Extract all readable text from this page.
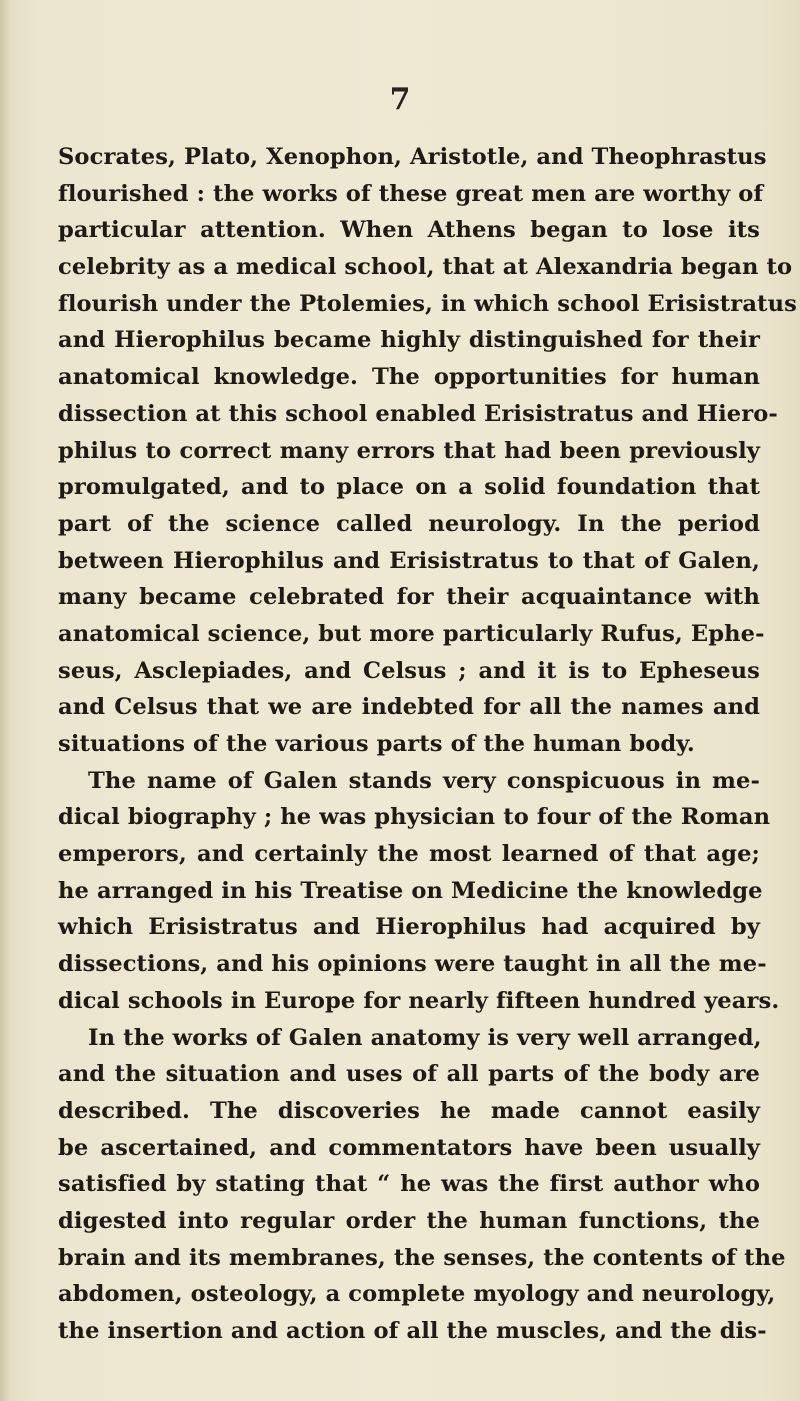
7
Socrates, Plato, Xenophon, Aristotle, and Theophrastus
flourished : the works of these great men are worthy of
particular attention. When Athens began to lose its
celebrity as a medical school, that at Alexandria began to
flourish under the Ptolemies, in which school Erisistratus
and Hierophilus became highly distinguished for their
anatomical knowledge. The opportunities for human
dissection at this school enabled Erisistratus and Hiero-
philus to correct many errors that had been previously
promulgated, and to place on a solid foundation that
part of the science called neurology. In the period
between Hierophilus and Erisistratus to that of Galen,
many became celebrated for their acquaintance with
anatomical science, but more particularly Rufus, Ephe-
seus, Asclepiades, and Celsus ; and it is to Epheseus
and Celsus that we are indebted for all the names and
situations of the various parts of the human body.
The name of Galen stands very conspicuous in me-
dical biography ; he was physician to four of the Roman
emperors, and certainly the most learned of that age;
he arranged in his Treatise on Medicine the knowledge
which Erisistratus and Hierophilus had acquired by
dissections, and his opinions were taught in all the me-
dical schools in Europe for nearly fifteen hundred years.
In the works of Galen anatomy is very well arranged,
and the situation and uses of all parts of the body are
described. The discoveries he made cannot easily
be ascertained, and commentators have been usually
satisfied by stating that “ he was the first author who
digested into regular order the human functions, the
brain and its membranes, the senses, the contents of the
abdomen, osteology, a complete myology and neurology,
the insertion and action of all the muscles, and the dis-
